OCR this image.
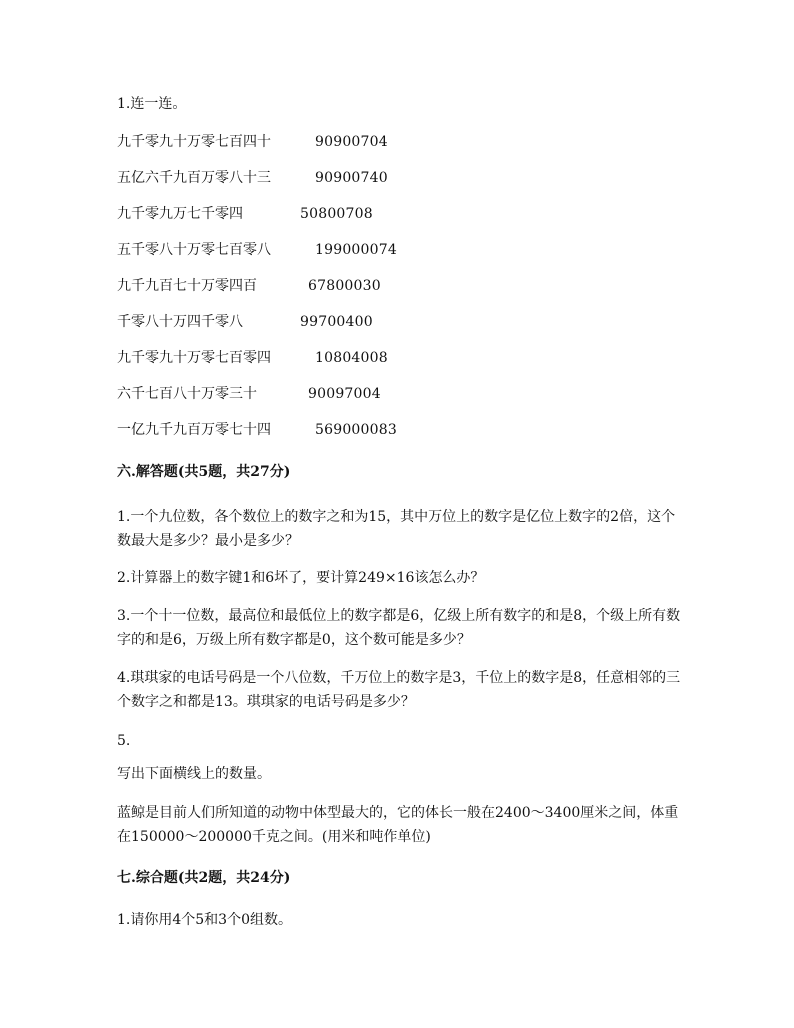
1.连一连。
九千零九十万零七百四十	90900704
五亿六千九百万零八十三	90900740
九千零九万七千零四	50800708
五千零八十万零七百零八	199000074
九千九百七十万零四百	67800030
千零八十万四千零八	99700400
九千零九十万零七百零四	10804008
六千七百八十万零三十	90097004
一亿九千九百万零七十四	569000083
六.解答题(共5题，共27分)
1.一个九位数，各个数位上的数字之和为15，其中万位上的数字是亿位上数字的2倍，这个数最大是多少？最小是多少？
2.计算器上的数字键1和6坏了，要计算249×16该怎么办？
3.一个十一位数，最高位和最低位上的数字都是6，亿级上所有数字的和是8，个级上所有数字的和是6，万级上所有数字都是0，这个数可能是多少？
4.琪琪家的电话号码是一个八位数，千万位上的数字是3，千位上的数字是8，任意相邻的三个数字之和都是13。琪琪家的电话号码是多少？
5.
写出下面横线上的数量。
蓝鲸是目前人们所知道的动物中体型最大的，它的体长一般在2400～3400厘米之间，体重在150000～200000千克之间。(用米和吨作单位)
七.综合题(共2题，共24分)
1.请你用4个5和3个0组数。
